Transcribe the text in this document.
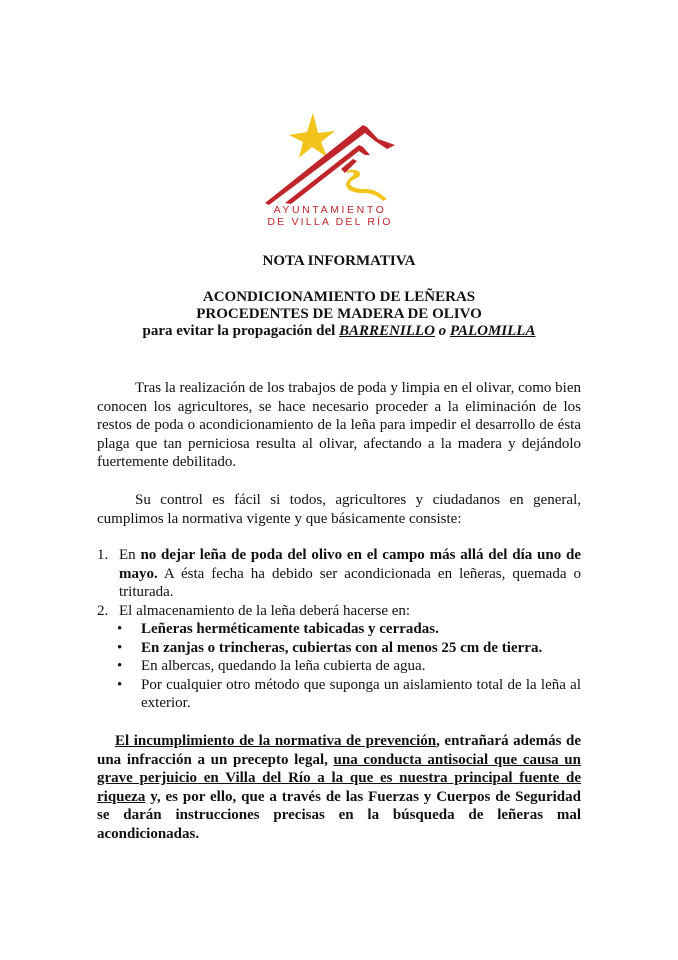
AYUNTAMIENTO
DE VILLA DEL RÍO
NOTA INFORMATIVA
ACONDICIONAMIENTO DE LEÑERAS
PROCEDENTES DE MADERA DE OLIVO
para evitar la propagación del BARRENILLO o PALOMILLA

Tras la realización de los trabajos de poda y limpia en el olivar, como bien conocen los agricultores, se hace necesario proceder a la eliminación de los restos de poda o acondicionamiento de la leña para impedir el desarrollo de ésta plaga que tan perniciosa resulta al olivar, afectando a la madera y dejándolo fuertemente debilitado.

Su control es fácil si todos, agricultores y ciudadanos en general, cumplimos la normativa vigente y que básicamente consiste:

1. En no dejar leña de poda del olivo en el campo más allá del día uno de mayo. A ésta fecha ha debido ser acondicionada en leñeras, quemada o triturada.

2. El almacenamiento de la leña deberá hacerse en:

• Leñeras herméticamente tabicadas y cerradas.

• En zanjas o trincheras, cubiertas con al menos 25 cm de tierra.

• En albercas, quedando la leña cubierta de agua.

• Por cualquier otro método que suponga un aislamiento total de la leña al exterior.

El incumplimiento de la normativa de prevención, entrañará además de una infracción a un precepto legal, una conducta antisocial que causa un grave perjuicio en Villa del Río a la que es nuestra principal fuente de riqueza y, es por ello, que a través de las Fuerzas y Cuerpos de Seguridad se darán instrucciones precisas en la búsqueda de leñeras mal acondicionadas.
